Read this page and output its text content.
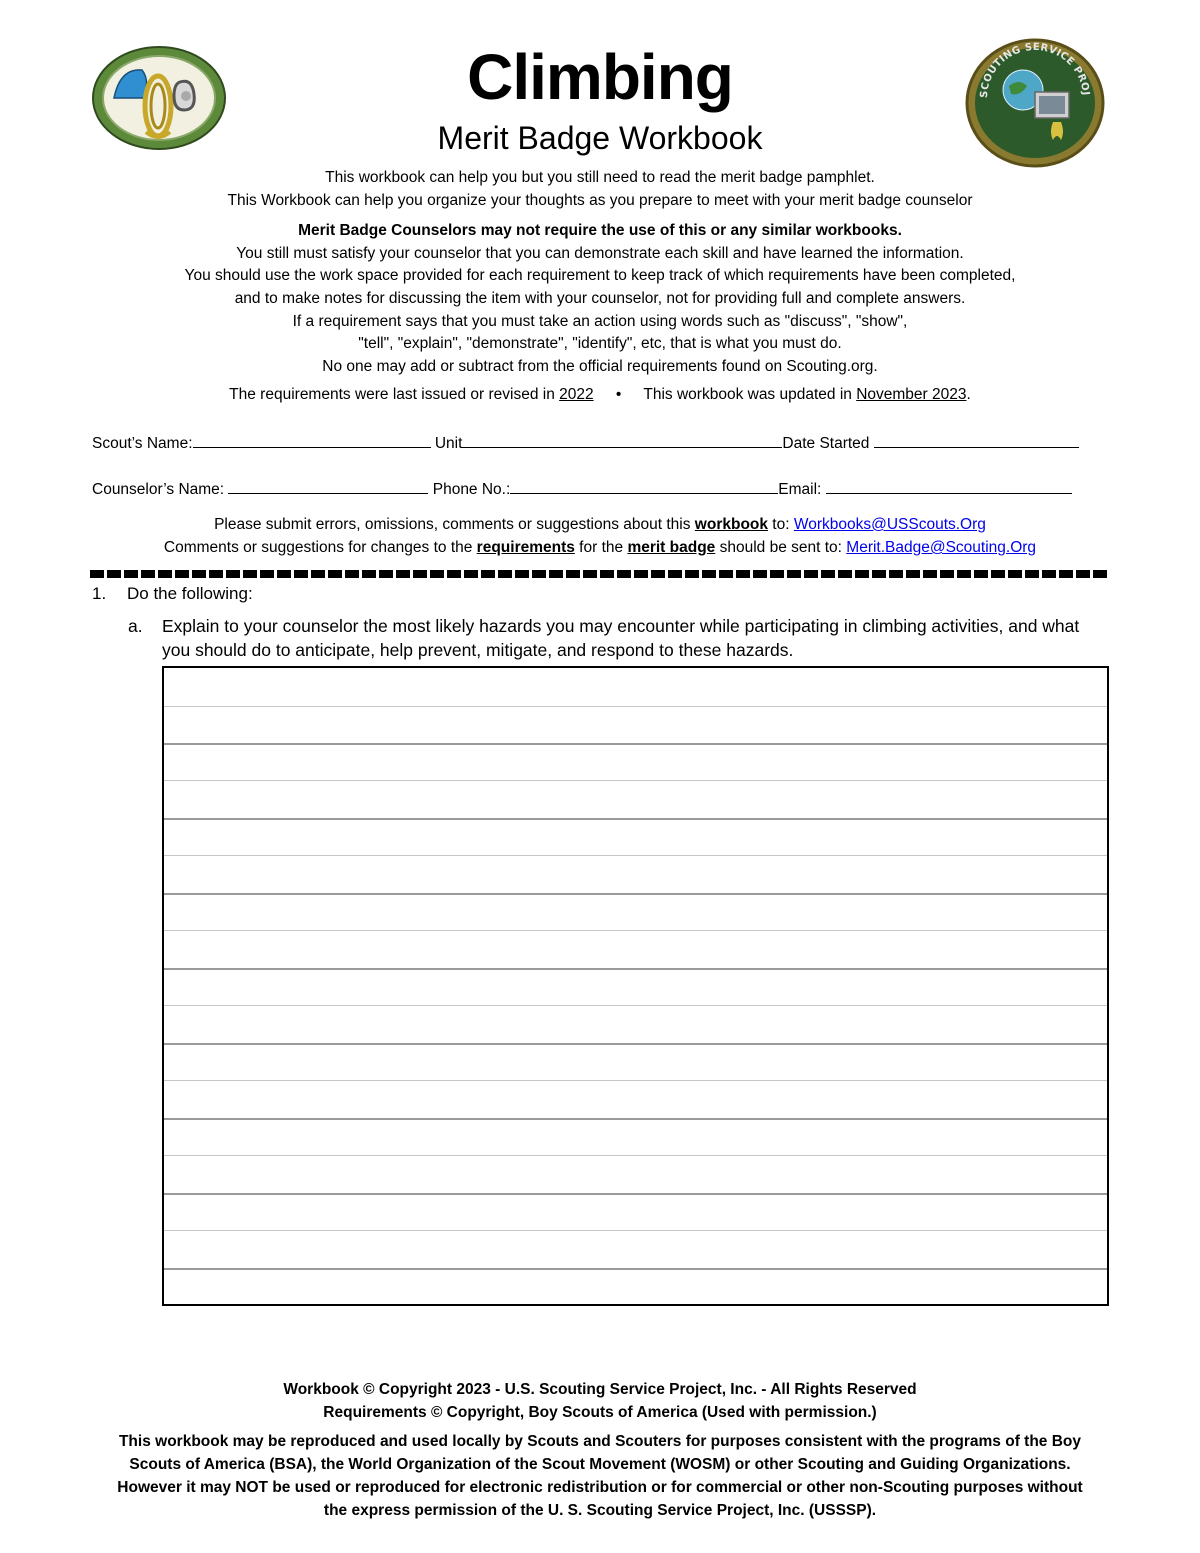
SCOUTING SERVICE PROJ
Climbing
Merit Badge Workbook
This workbook can help you but you still need to read the merit badge pamphlet.
This Workbook can help you organize your thoughts as you prepare to meet with your merit badge counselor
Merit Badge Counselors may not require the use of this or any similar workbooks.
You still must satisfy your counselor that you can demonstrate each skill and have learned the information.
You should use the work space provided for each requirement to keep track of which requirements have been completed,
and to make notes for discussing the item with your counselor, not for providing full and complete answers.
If a requirement says that you must take an action using words such as "discuss", "show",
"tell", "explain", "demonstrate", "identify", etc, that is what you must do.
No one may add or subtract from the official requirements found on Scouting.org.
The requirements were last issued or revised in 2022 • This workbook was updated in November 2023.
Scout’s Name:	Unit	Date Started
Counselor’s Name:	Phone No.:	Email:
Please submit errors, omissions, comments or suggestions about this workbook to: Workbooks@USScouts.Org
Comments or suggestions for changes to the requirements for the merit badge should be sent to: Merit.Badge@Scouting.Org
1. Do the following:
a. Explain to your counselor the most likely hazards you may encounter while participating in climbing activities, and what you should do to anticipate, help prevent, mitigate, and respond to these hazards.
Workbook © Copyright 2023 - U.S. Scouting Service Project, Inc. - All Rights Reserved
Requirements © Copyright, Boy Scouts of America (Used with permission.)
This workbook may be reproduced and used locally by Scouts and Scouters for purposes consistent with the programs of the Boy
Scouts of America (BSA), the World Organization of the Scout Movement (WOSM) or other Scouting and Guiding Organizations.
However it may NOT be used or reproduced for electronic redistribution or for commercial or other non-Scouting purposes without
the express permission of the U. S. Scouting Service Project, Inc. (USSSP).
